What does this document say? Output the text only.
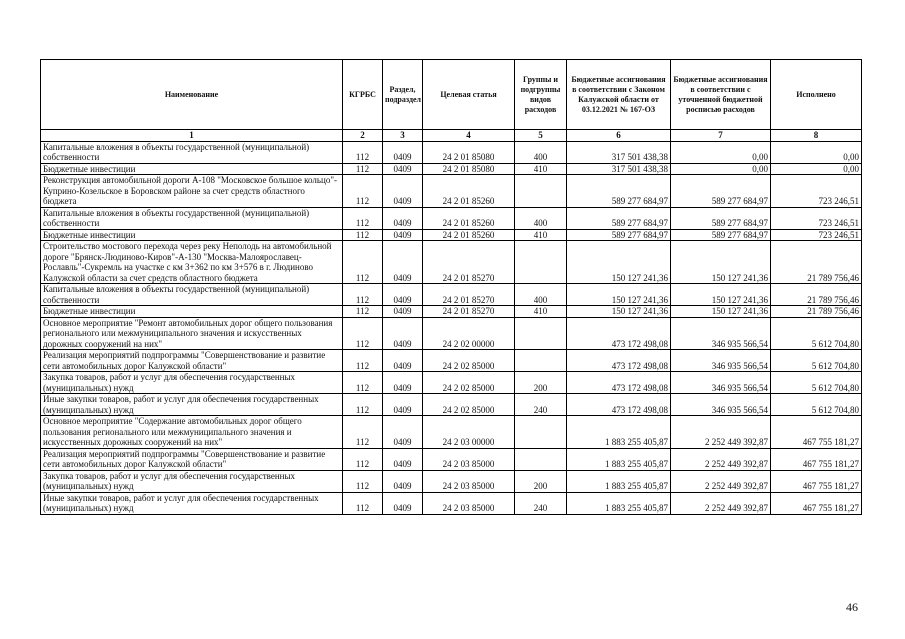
Наименование	КГРБС	Раздел, подраздел	Целевая статья	Группы и подгруппы видов расходов	Бюджетные ассигнования в соответствии с Законом Калужской области от 03.12.2021 № 167-ОЗ	Бюджетные ассигнования в соответствии с уточненной бюджетной росписью расходов	Исполнено
1	2	3	4	5	6	7	8
Капитальные вложения в объекты государственной (муниципальной) собственности	112	0409	24 2 01 85080	400	317 501 438,38	0,00	0,00
Бюджетные инвестиции	112	0409	24 2 01 85080	410	317 501 438,38	0,00	0,00
Реконструкция автомобильной дороги А-108 "Московское большое кольцо"-Куприно-Козельское в Боровском районе за счет средств областного бюджета	112	0409	24 2 01 85260		589 277 684,97	589 277 684,97	723 246,51
Капитальные вложения в объекты государственной (муниципальной) собственности	112	0409	24 2 01 85260	400	589 277 684,97	589 277 684,97	723 246,51
Бюджетные инвестиции	112	0409	24 2 01 85260	410	589 277 684,97	589 277 684,97	723 246,51
Строительство мостового перехода через реку Неполодь на автомобильной дороге "Брянск-Людиново-Киров"-А-130 "Москва-Малоярославец-Рославль"-Сукремль на участке с км 3+362 по км 3+576 в г. Людиново Калужской области за счет средств областного бюджета	112	0409	24 2 01 85270		150 127 241,36	150 127 241,36	21 789 756,46
Капитальные вложения в объекты государственной (муниципальной) собственности	112	0409	24 2 01 85270	400	150 127 241,36	150 127 241,36	21 789 756,46
Бюджетные инвестиции	112	0409	24 2 01 85270	410	150 127 241,36	150 127 241,36	21 789 756,46
Основное мероприятие "Ремонт автомобильных дорог общего пользования регионального или межмуниципального значения и искусственных дорожных сооружений на них"	112	0409	24 2 02 00000		473 172 498,08	346 935 566,54	5 612 704,80
Реализация мероприятий подпрограммы "Совершенствование и развитие сети автомобильных дорог Калужской области"	112	0409	24 2 02 85000		473 172 498,08	346 935 566,54	5 612 704,80
Закупка товаров, работ и услуг для обеспечения государственных (муниципальных) нужд	112	0409	24 2 02 85000	200	473 172 498,08	346 935 566,54	5 612 704,80
Иные закупки товаров, работ и услуг для обеспечения государственных (муниципальных) нужд	112	0409	24 2 02 85000	240	473 172 498,08	346 935 566,54	5 612 704,80
Основное мероприятие "Содержание автомобильных дорог общего пользования регионального или межмуниципального значения и искусственных дорожных сооружений на них"	112	0409	24 2 03 00000		1 883 255 405,87	2 252 449 392,87	467 755 181,27
Реализация мероприятий подпрограммы "Совершенствование и развитие сети автомобильных дорог Калужской области"	112	0409	24 2 03 85000		1 883 255 405,87	2 252 449 392,87	467 755 181,27
Закупка товаров, работ и услуг для обеспечения государственных (муниципальных) нужд	112	0409	24 2 03 85000	200	1 883 255 405,87	2 252 449 392,87	467 755 181,27
Иные закупки товаров, работ и услуг для обеспечения государственных (муниципальных) нужд	112	0409	24 2 03 85000	240	1 883 255 405,87	2 252 449 392,87	467 755 181,27
46
